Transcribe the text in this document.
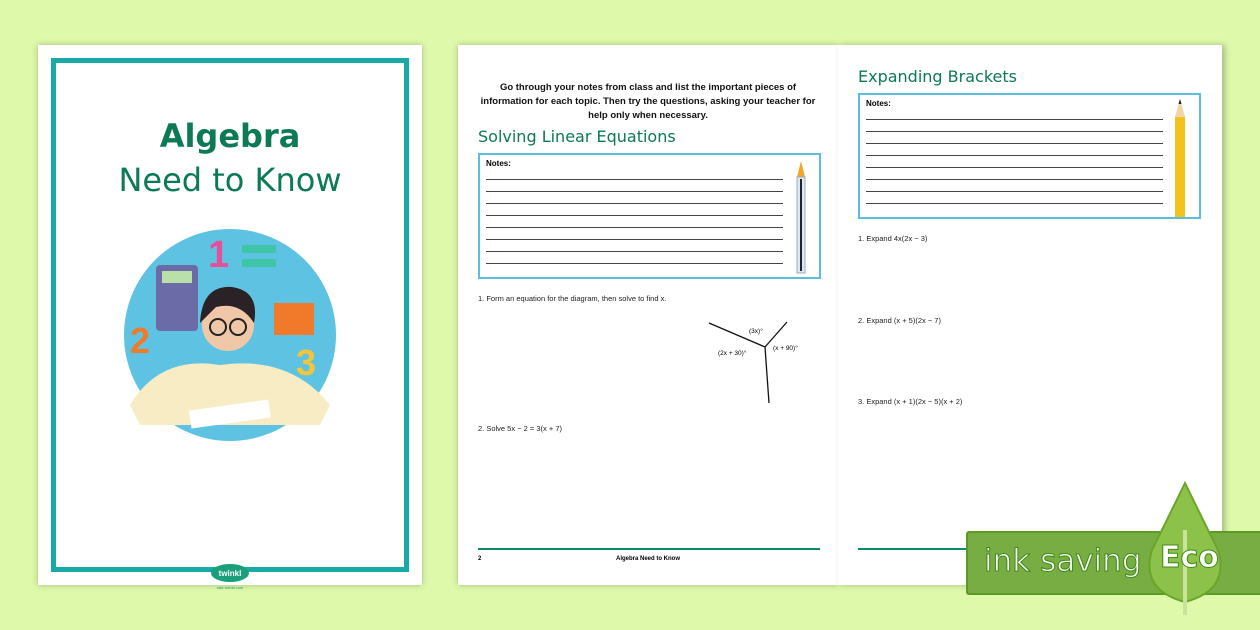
Algebra
Need to Know
1
2
3
twinkl
visit twinkl.com
Go through your notes from class and list the important pieces of information for each topic. Then try the questions, asking your teacher for help only when necessary.
Solving Linear Equations
Notes:
1. Form an equation for the diagram, then solve to find x.
(3x)°
(2x + 30)°
(x + 90)°
2. Solve 5x − 2 = 3(x + 7)
2	Algebra Need to Know
Expanding Brackets
Notes:
1. Expand 4x(2x − 3)
2. Expand (x + 5)(2x − 7)
3. Expand (x + 1)(2x − 5)(x + 2)
ink saving Eco
